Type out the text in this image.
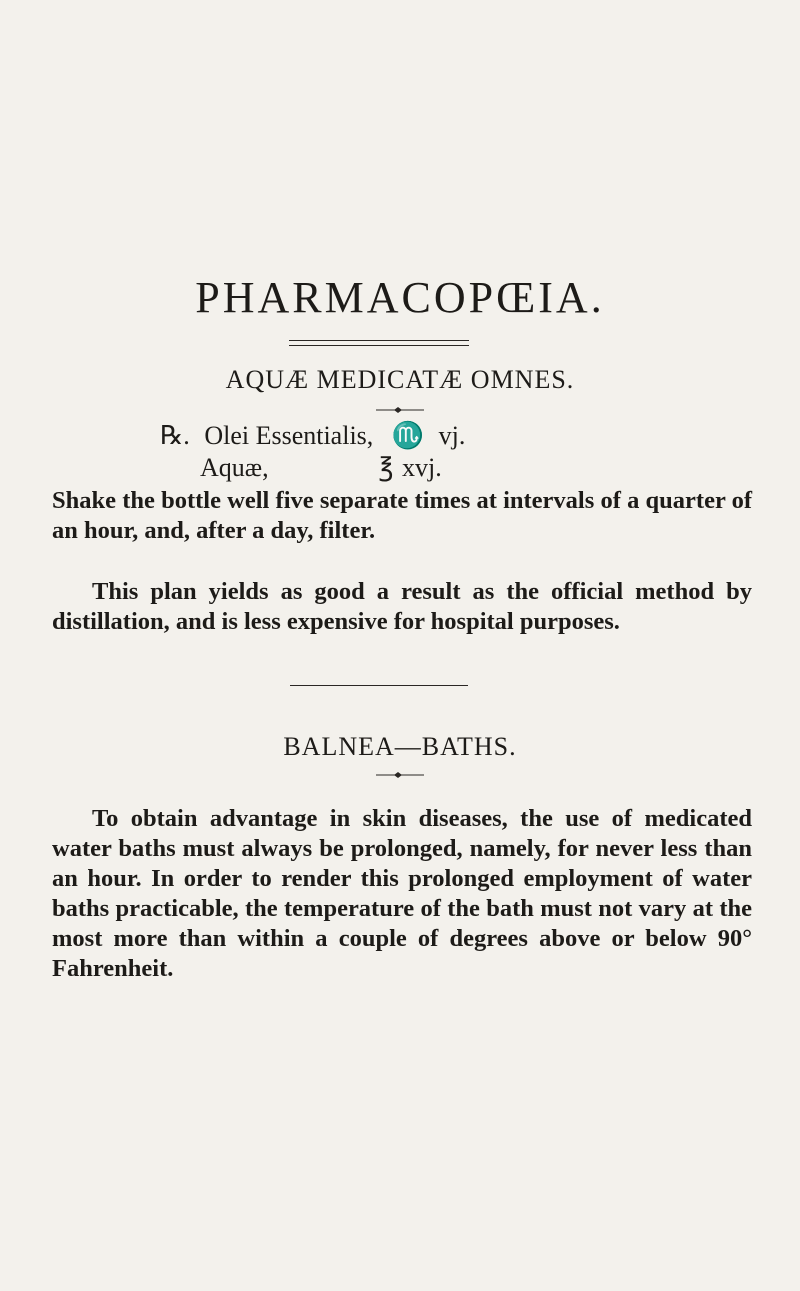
PHARMACOPŒIA.
AQUÆ MEDICATÆ OMNES.
℞. Olei Essentialis, ♏ vj.
Aquæ,	℥ xvj.

Shake the bottle well five separate times at intervals of a quarter of an hour, and, after a day, filter.

This plan yields as good a result as the official method by distillation, and is less expensive for hospital purposes.

BALNEA—BATHS.

To obtain advantage in skin diseases, the use of medicated water baths must always be prolonged, namely, for never less than an hour. In order to render this prolonged employment of water baths practicable, the temperature of the bath must not vary at the most more than within a couple of degrees above or below 90° Fahrenheit.
